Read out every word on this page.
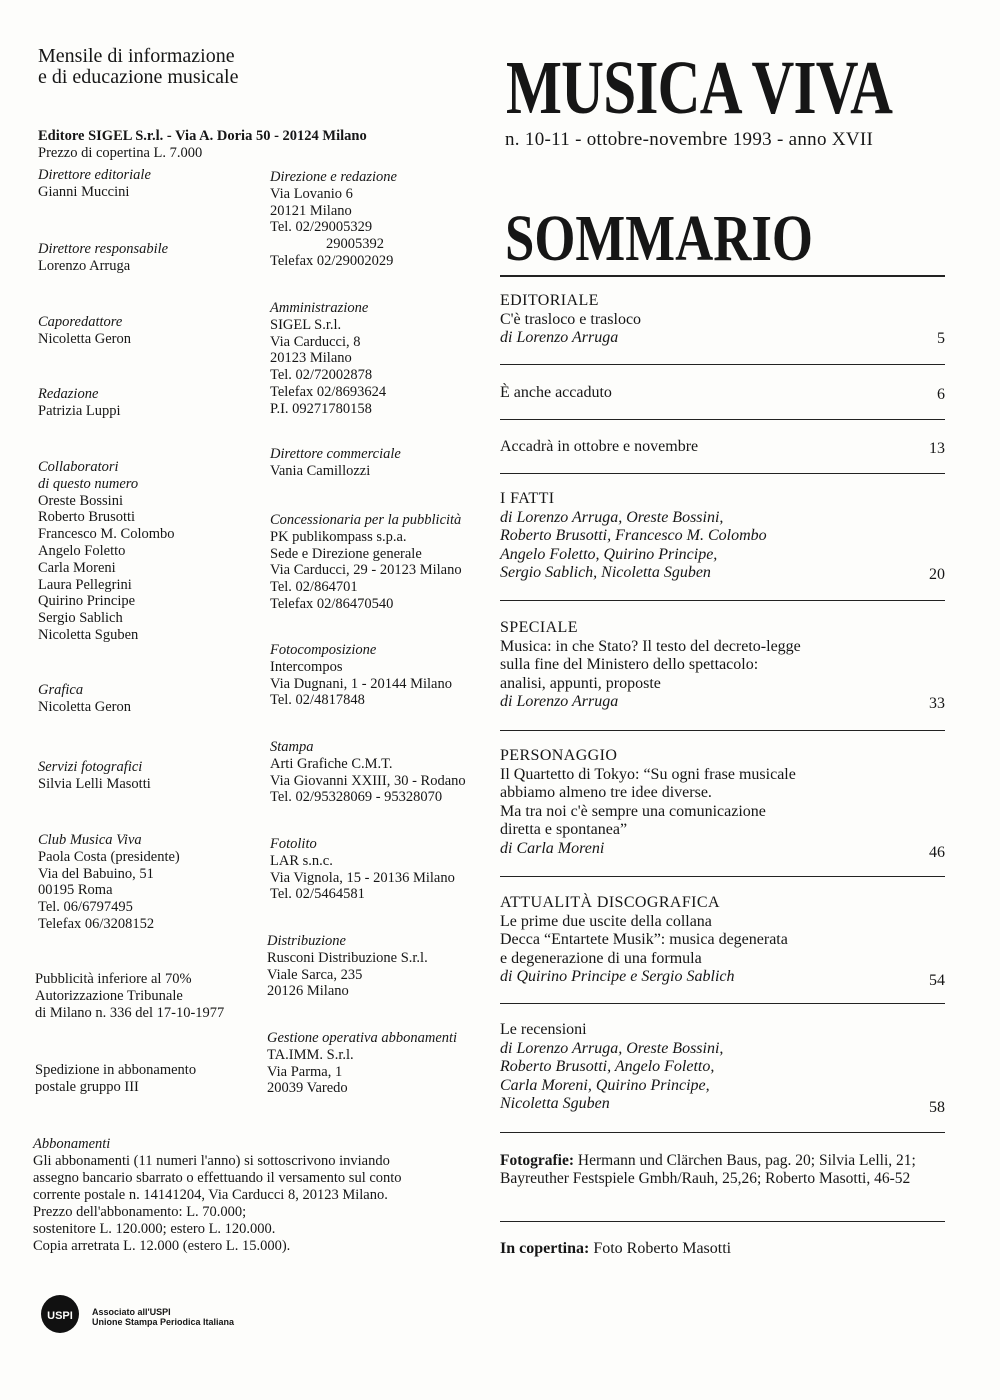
Mensile di informazione
e di educazione musicale	MUSICA VIVA
n. 10-11 - ottobre-novembre 1993 - anno XVII
Editore SIGEL S.r.l. - Via A. Doria 50 - 20124 Milano
Prezzo di copertina L. 7.000
Direttore editoriale
Gianni Muccini
Direttore responsabile
Lorenzo Arruga
Caporedattore
Nicoletta Geron
Redazione
Patrizia Luppi
Collaboratori
di questo numero
Oreste Bossini
Roberto Brusotti
Francesco M. Colombo
Angelo Foletto
Carla Moreni
Laura Pellegrini
Quirino Principe
Sergio Sablich
Nicoletta Sguben
Grafica
Nicoletta Geron
Servizi fotografici
Silvia Lelli Masotti
Club Musica Viva
Paola Costa (presidente)
Via del Babuino, 51
00195 Roma
Tel. 06/6797495
Telefax 06/3208152
Pubblicità inferiore al 70%
Autorizzazione Tribunale
di Milano n. 336 del 17-10-1977
Spedizione in abbonamento
postale gruppo III
Direzione e redazione
Via Lovanio 6
20121 Milano
Tel. 02/29005329
29005392
Telefax 02/29002029
Amministrazione
SIGEL S.r.l.
Via Carducci, 8
20123 Milano
Tel. 02/72002878
Telefax 02/8693624
P.I. 09271780158
Direttore commerciale
Vania Camillozzi
Concessionaria per la pubblicità
PK publikompass s.p.a.
Sede e Direzione generale
Via Carducci, 29 - 20123 Milano
Tel. 02/864701
Telefax 02/86470540
Fotocomposizione
Intercompos
Via Dugnani, 1 - 20144 Milano
Tel. 02/4817848
Stampa
Arti Grafiche C.M.T.
Via Giovanni XXIII, 30 - Rodano
Tel. 02/95328069 - 95328070
Fotolito
LAR s.n.c.
Via Vignola, 15 - 20136 Milano
Tel. 02/5464581
Distribuzione
Rusconi Distribuzione S.r.l.
Viale Sarca, 235
20126 Milano
Gestione operativa abbonamenti
TA.IMM. S.r.l.
Via Parma, 1
20039 Varedo
Abbonamenti
Gli abbonamenti (11 numeri l'anno) si sottoscrivono inviando
assegno bancario sbarrato o effettuando il versamento sul conto
corrente postale n. 14141204, Via Carducci 8, 20123 Milano.
Prezzo dell'abbonamento: L. 70.000;
sostenitore L. 120.000; estero L. 120.000.
Copia arretrata L. 12.000 (estero L. 15.000).
USPI Associato all'USPI
Unione Stampa Periodica Italiana
SOMMARIO
EDITORIALE
C'è trasloco e trasloco
di Lorenzo Arruga	5
È anche accaduto	6
Accadrà in ottobre e novembre	13
I FATTI
di Lorenzo Arruga, Oreste Bossini,
Roberto Brusotti, Francesco M. Colombo
Angelo Foletto, Quirino Principe,
Sergio Sablich, Nicoletta Sguben	20
SPECIALE
Musica: in che Stato? Il testo del decreto-legge
sulla fine del Ministero dello spettacolo:
analisi, appunti, proposte
di Lorenzo Arruga	33
PERSONAGGIO
Il Quartetto di Tokyo: “Su ogni frase musicale
abbiamo almeno tre idee diverse.
Ma tra noi c'è sempre una comunicazione
diretta e spontanea”
di Carla Moreni	46
ATTUALITÀ DISCOGRAFICA
Le prime due uscite della collana
Decca “Entartete Musik”: musica degenerata
e degenerazione di una formula
di Quirino Principe e Sergio Sablich	54
Le recensioni
di Lorenzo Arruga, Oreste Bossini,
Roberto Brusotti, Angelo Foletto,
Carla Moreni, Quirino Principe,
Nicoletta Sguben	58
Fotografie: Hermann und Clärchen Baus, pag. 20; Silvia Lelli, 21; Bayreuther Festspiele Gmbh/Rauh, 25,26; Roberto Masotti, 46-52
In copertina: Foto Roberto Masotti
